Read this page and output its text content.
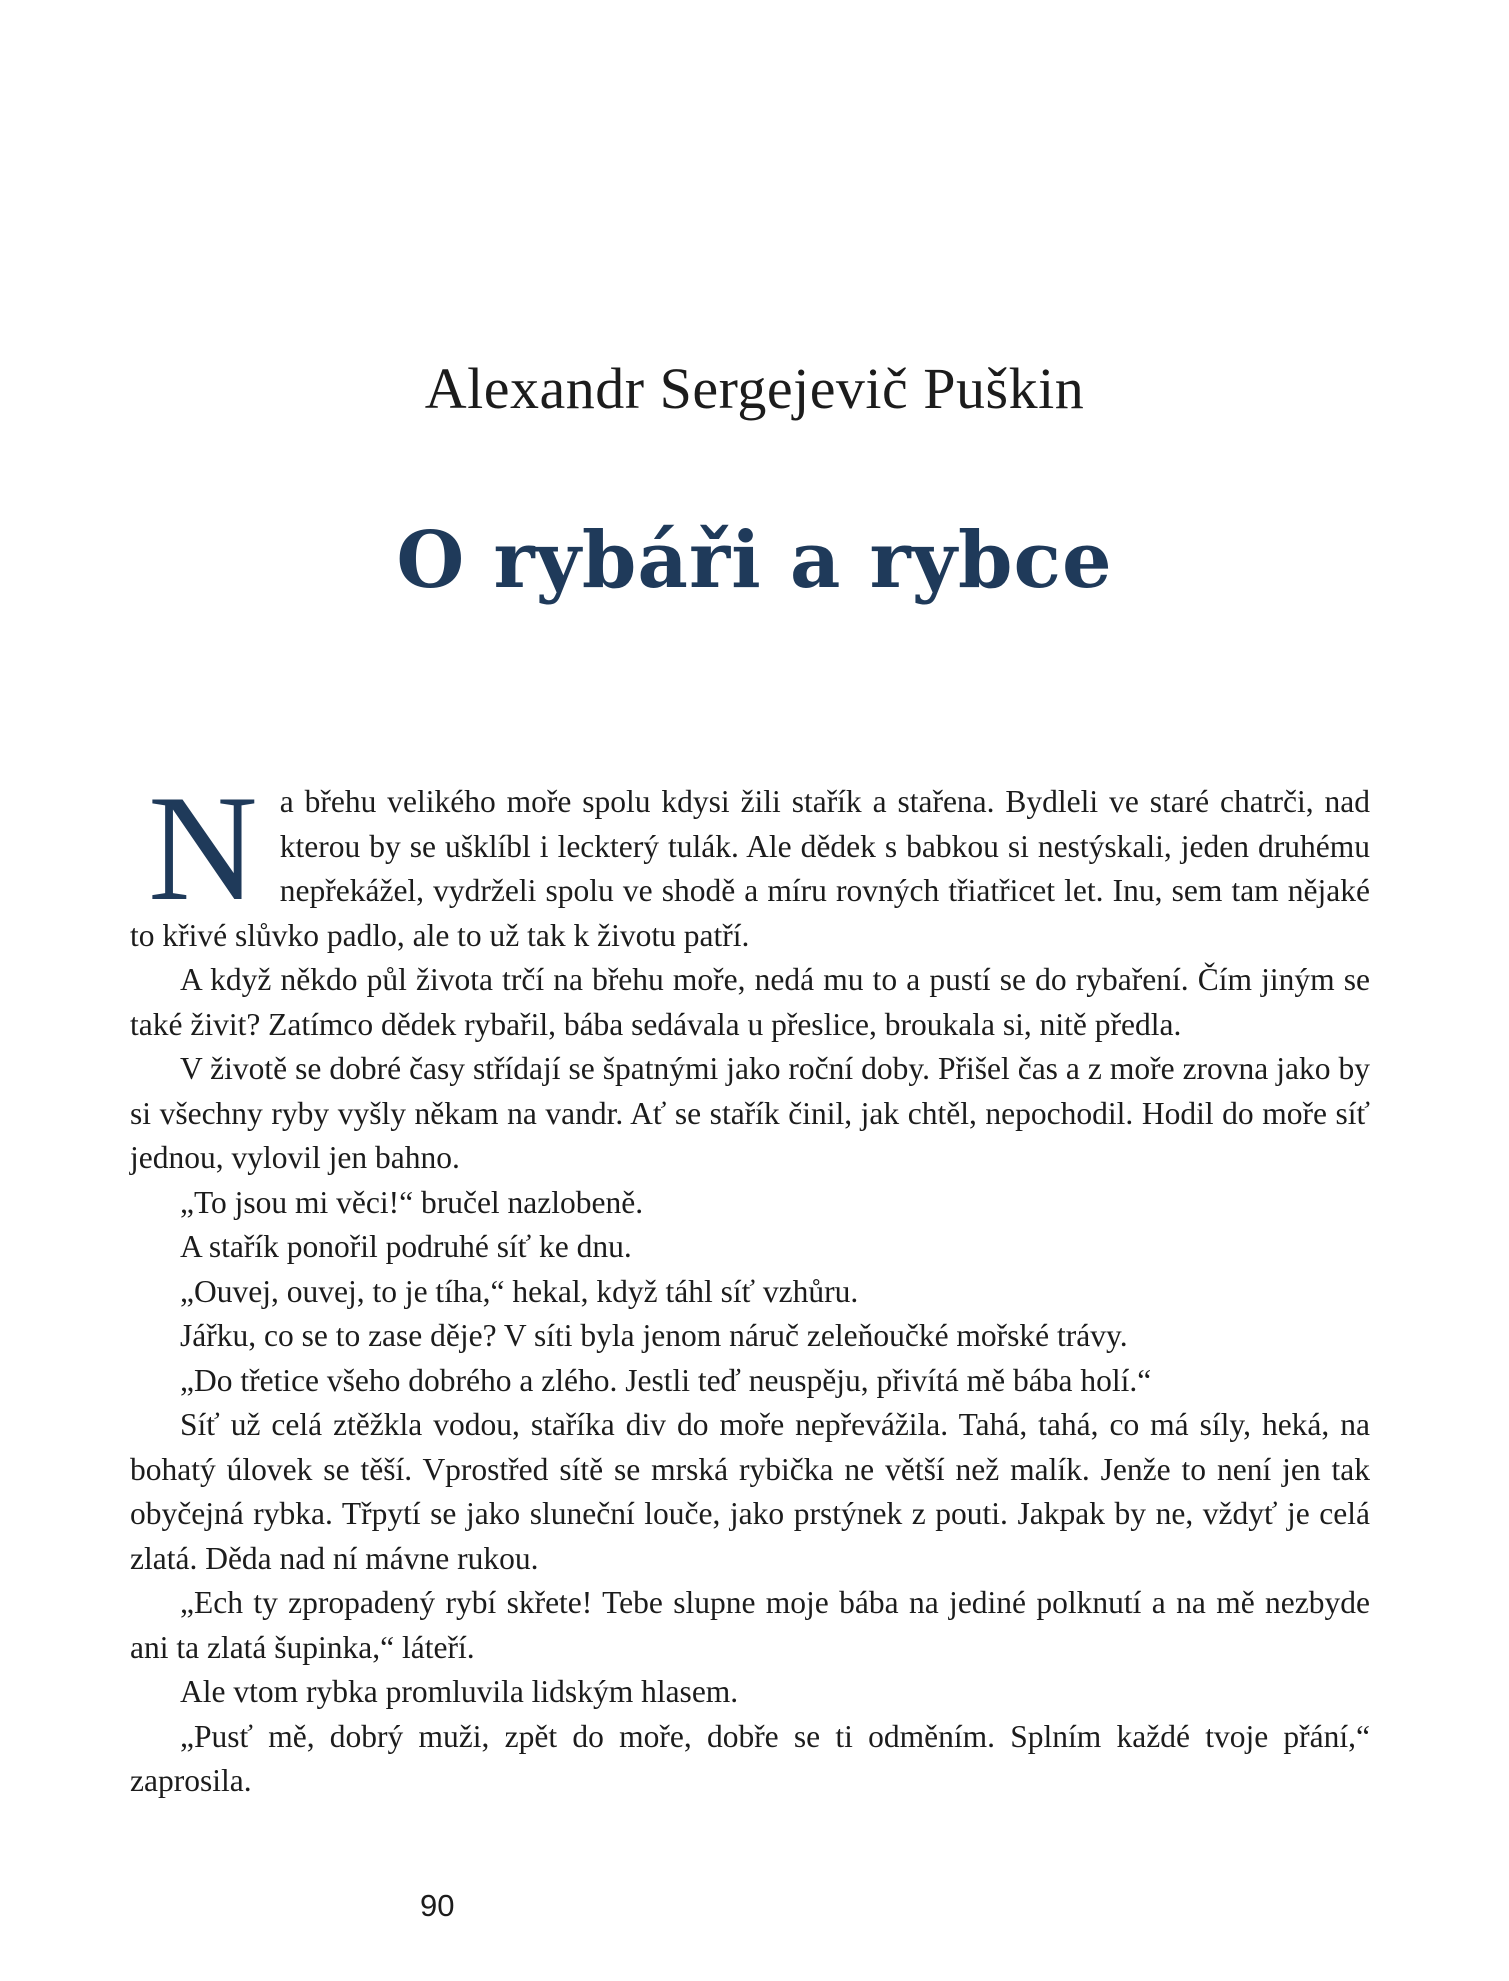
Alexandr Sergejevič Puškin
O rybáři a rybce

Na břehu velikého moře spolu kdysi žili stařík a stařena. Bydleli ve staré chatrči, nad kterou by se ušklíbl i leckterý tulák. Ale dědek s babkou si nestýskali, jeden druhému nepřekážel, vydrželi spolu ve shodě a míru rovných třiatřicet let. Inu, sem tam nějaké to křivé slůvko padlo, ale to už tak k životu patří.

A když někdo půl života trčí na břehu moře, nedá mu to a pustí se do rybaření. Čím jiným se také živit? Zatímco dědek rybařil, bába sedávala u přeslice, broukala si, nitě předla.

V životě se dobré časy střídají se špatnými jako roční doby. Přišel čas a z moře zrovna jako by si všechny ryby vyšly někam na vandr. Ať se stařík činil, jak chtěl, nepochodil. Hodil do moře síť jednou, vylovil jen bahno.

„To jsou mi věci!“ bručel nazlobeně.

A stařík ponořil podruhé síť ke dnu.

„Ouvej, ouvej, to je tíha,“ hekal, když táhl síť vzhůru.

Jářku, co se to zase děje? V síti byla jenom náruč zeleňoučké mořské trávy.

„Do třetice všeho dobrého a zlého. Jestli teď neuspěju, přivítá mě bába holí.“

Síť už celá ztěžkla vodou, staříka div do moře nepřevážila. Tahá, tahá, co má síly, heká, na bohatý úlovek se těší. Vprostřed sítě se mrská rybička ne větší než malík. Jenže to není jen tak obyčejná rybka. Třpytí se jako sluneční louče, jako prstýnek z pouti. Jakpak by ne, vždyť je celá zlatá. Děda nad ní mávne rukou.

„Ech ty zpropadený rybí skřete! Tebe slupne moje bába na jediné polknutí a na mě nezbyde ani ta zlatá šupinka,“ láteří.

Ale vtom rybka promluvila lidským hlasem.

„Pusť mě, dobrý muži, zpět do moře, dobře se ti odměním. Splním každé tvoje přání,“ zaprosila.

90
